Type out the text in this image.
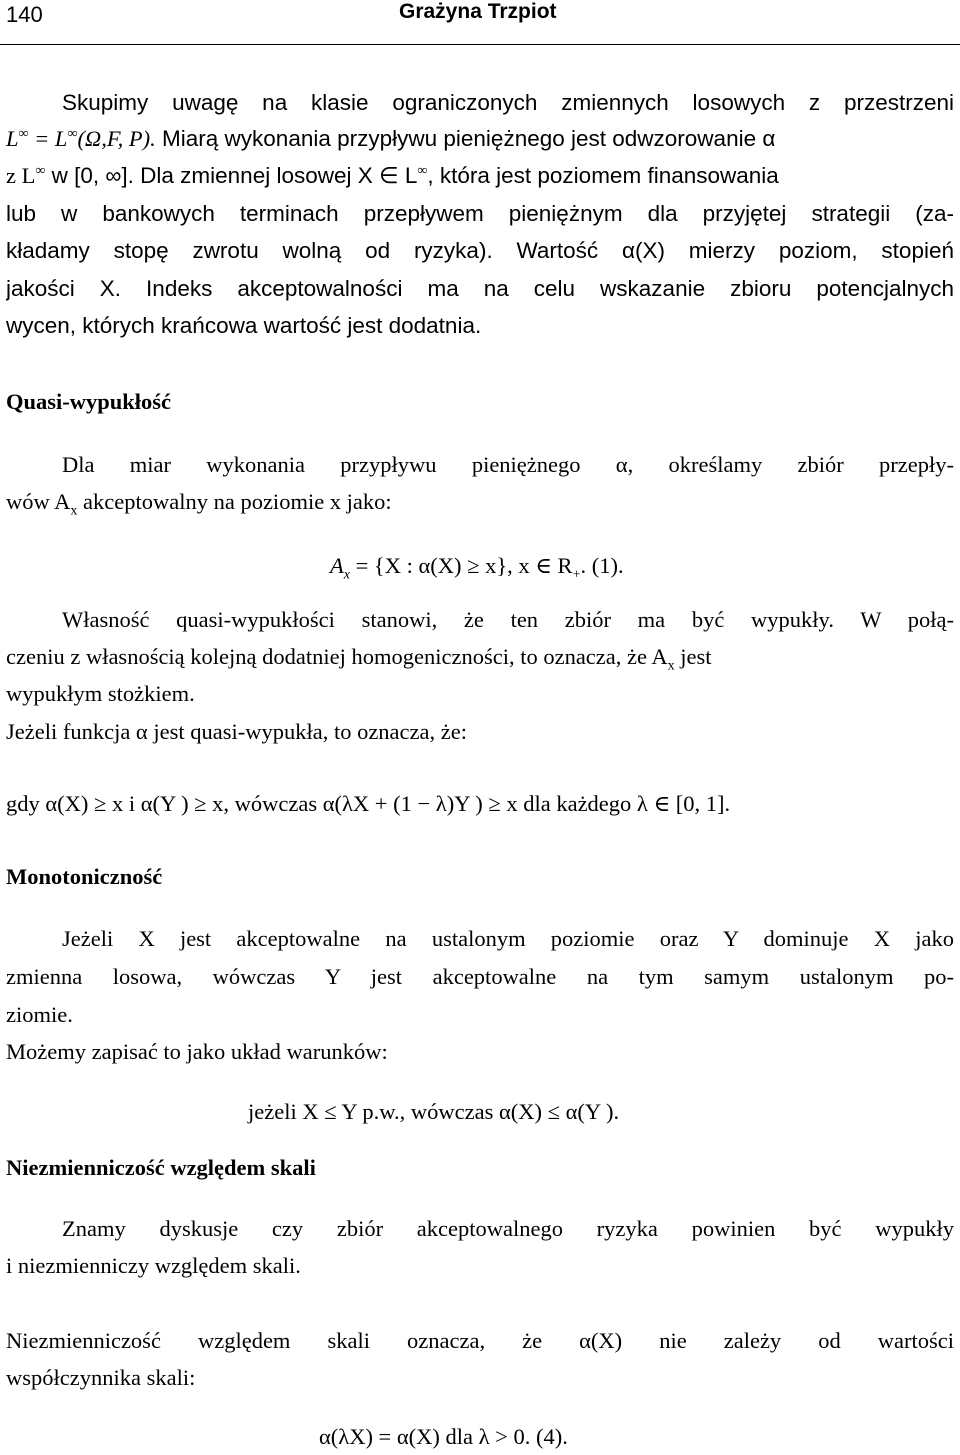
140	Grażyna Trzpiot
Skupimy uwagę na klasie ograniczonych zmiennych losowych z przestrzeni
L∞ = L∞(Ω,F, P). Miarą wykonania przypływu pieniężnego jest odwzorowanie α
z L∞ w [0, ∞]. Dla zmiennej losowej X ∈ L∞, która jest poziomem finansowania
lub w bankowych terminach przepływem pieniężnym dla przyjętej strategii (za-
kładamy stopę zwrotu wolną od ryzyka). Wartość α(X) mierzy poziom, stopień
jakości X. Indeks akceptowalności ma na celu wskazanie zbioru potencjalnych
wycen, których krańcowa wartość jest dodatnia.
Quasi-wypukłość
Dla miar wykonania przypływu pieniężnego α, określamy zbiór przepły-
wów $A_x$ akceptowalny na poziomie x jako:
$A_x = \{X$ : α(X) ≥ x}, x ∈ $R_+$. (1).
Własność quasi-wypukłości stanowi, że ten zbiór ma być wypukły. W połą-
czeniu z własnością kolejną dodatniej homogeniczności, to oznacza, że $A_x$ jest
wypukłym stożkiem.
Jeżeli funkcja α jest quasi-wypukła, to oznacza, że:
gdy α(X) ≥ x i α(Y ) ≥ x, wówczas α(λX + (1 − λ)Y ) ≥ x dla każdego λ ∈ [0, 1].
Monotoniczność
Jeżeli X jest akceptowalne na ustalonym poziomie oraz Y dominuje X jako
zmienna losowa, wówczas Y jest akceptowalne na tym samym ustalonym po-
ziomie.
Możemy zapisać to jako układ warunków:
jeżeli X ≤ Y p.w., wówczas α(X) ≤ α(Y ).
Niezmienniczość względem skali
Znamy dyskusje czy zbiór akceptowalnego ryzyka powinien być wypukły
i niezmienniczy względem skali.
Niezmienniczość względem skali oznacza, że α(X) nie zależy od wartości
współczynnika skali:
α(λX) = α(X) dla λ > 0. (4).
